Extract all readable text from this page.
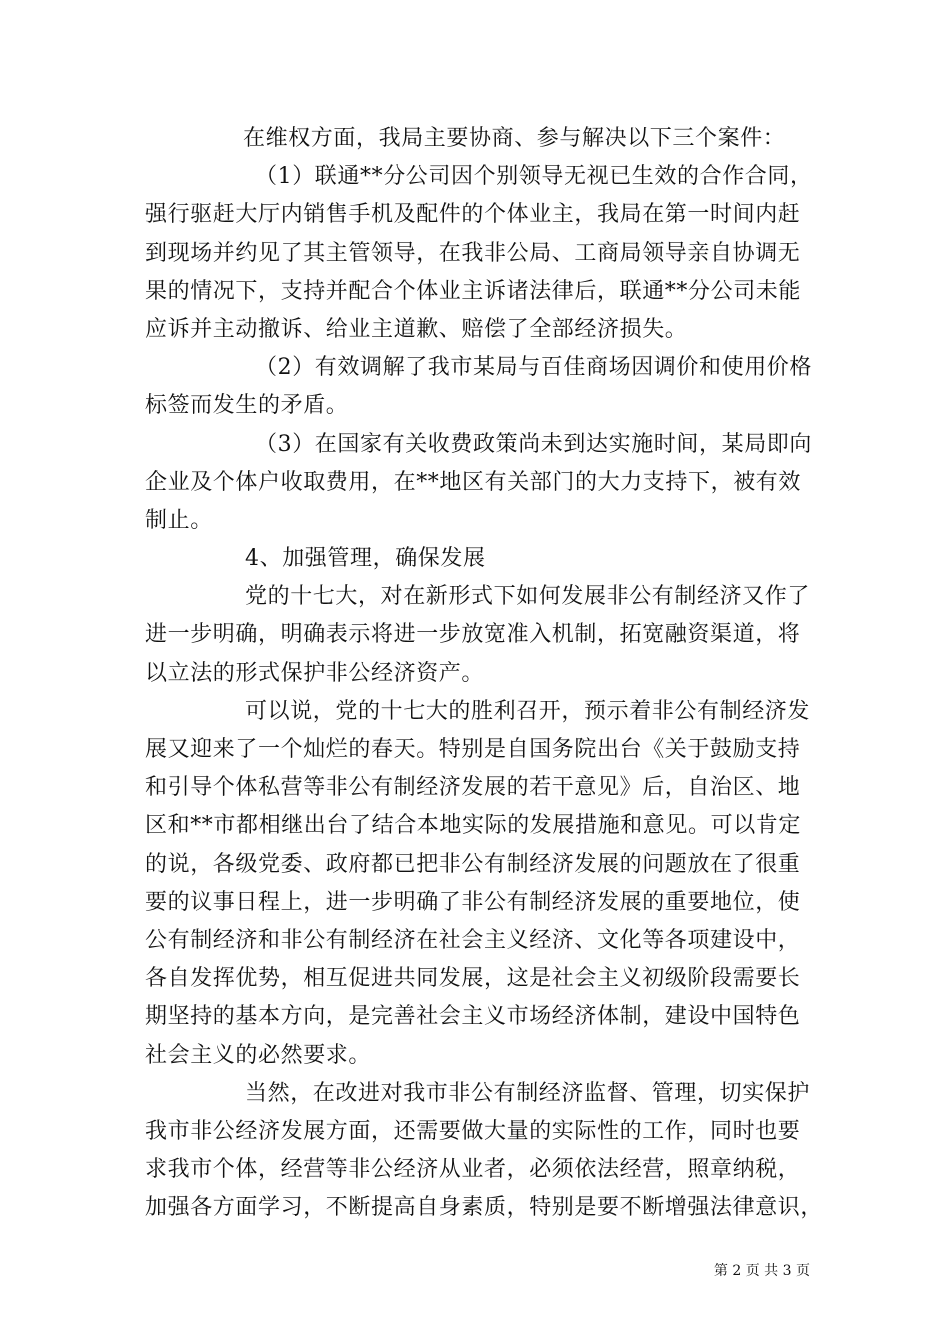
在维权方面，我局主要协商、参与解决以下三个案件：
（1）联通**分公司因个别领导无视已生效的合作合同，
强行驱赶大厅内销售手机及配件的个体业主，我局在第一时间内赶
到现场并约见了其主管领导，在我非公局、工商局领导亲自协调无
果的情况下，支持并配合个体业主诉诸法律后，联通**分公司未能
应诉并主动撤诉、给业主道歉、赔偿了全部经济损失。
（2）有效调解了我市某局与百佳商场因调价和使用价格
标签而发生的矛盾。
（3）在国家有关收费政策尚未到达实施时间，某局即向
企业及个体户收取费用，在**地区有关部门的大力支持下，被有效
制止。
4、加强管理，确保发展
党的十七大，对在新形式下如何发展非公有制经济又作了
进一步明确，明确表示将进一步放宽准入机制，拓宽融资渠道，将
以立法的形式保护非公经济资产。
可以说，党的十七大的胜利召开，预示着非公有制经济发
展又迎来了一个灿烂的春天。特别是自国务院出台《关于鼓励支持
和引导个体私营等非公有制经济发展的若干意见》后，自治区、地
区和**市都相继出台了结合本地实际的发展措施和意见。可以肯定
的说，各级党委、政府都已把非公有制经济发展的问题放在了很重
要的议事日程上，进一步明确了非公有制经济发展的重要地位，使
公有制经济和非公有制经济在社会主义经济、文化等各项建设中，
各自发挥优势，相互促进共同发展，这是社会主义初级阶段需要长
期坚持的基本方向，是完善社会主义市场经济体制，建设中国特色
社会主义的必然要求。
当然，在改进对我市非公有制经济监督、管理，切实保护
我市非公经济发展方面，还需要做大量的实际性的工作，同时也要
求我市个体，经营等非公经济从业者，必须依法经营，照章纳税，
加强各方面学习，不断提高自身素质，特别是要不断增强法律意识，
第 2 页 共 3 页
